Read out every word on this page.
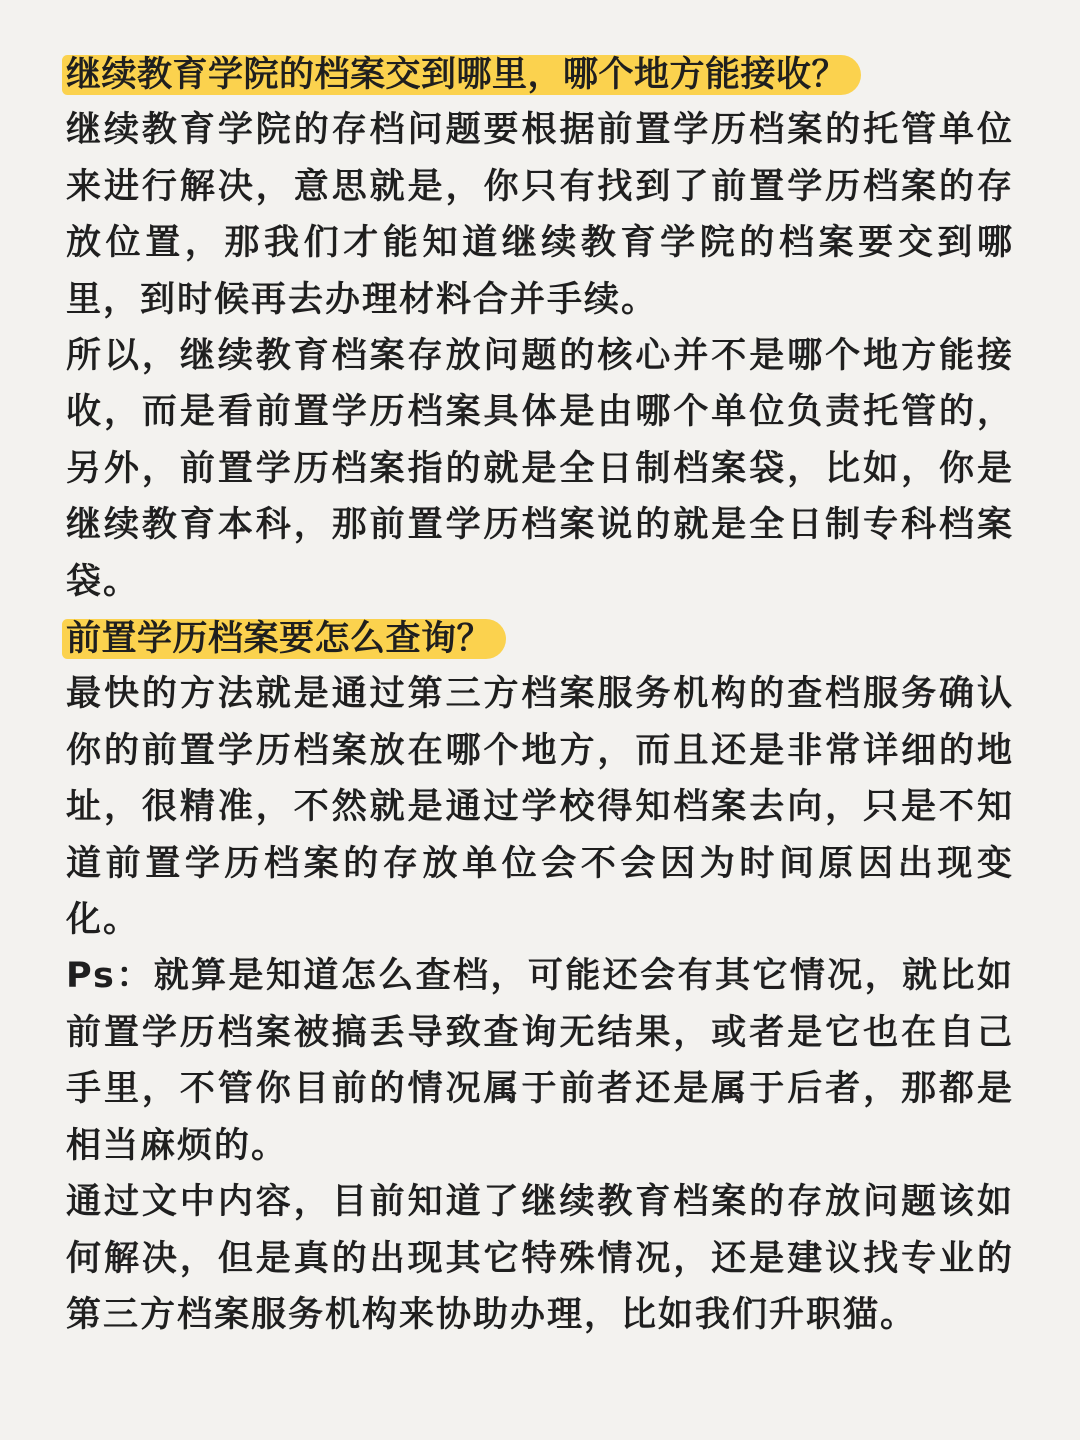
继续教育学院的档案交到哪里，哪个地方能接收？

继续教育学院的存档问题要根据前置学历档案的托管单位来进行解决，意思就是，你只有找到了前置学历档案的存放位置，那我们才能知道继续教育学院的档案要交到哪里，到时候再去办理材料合并手续。

所以，继续教育档案存放问题的核心并不是哪个地方能接收，而是看前置学历档案具体是由哪个单位负责托管的，另外，前置学历档案指的就是全日制档案袋，比如，你是继续教育本科，那前置学历档案说的就是全日制专科档案袋。

前置学历档案要怎么查询？

最快的方法就是通过第三方档案服务机构的查档服务确认你的前置学历档案放在哪个地方，而且还是非常详细的地址，很精准，不然就是通过学校得知档案去向，只是不知道前置学历档案的存放单位会不会因为时间原因出现变化。

Ps：就算是知道怎么查档，可能还会有其它情况，就比如前置学历档案被搞丢导致查询无结果，或者是它也在自己手里，不管你目前的情况属于前者还是属于后者，那都是相当麻烦的。

通过文中内容，目前知道了继续教育档案的存放问题该如何解决，但是真的出现其它特殊情况，还是建议找专业的第三方档案服务机构来协助办理，比如我们升职猫。
